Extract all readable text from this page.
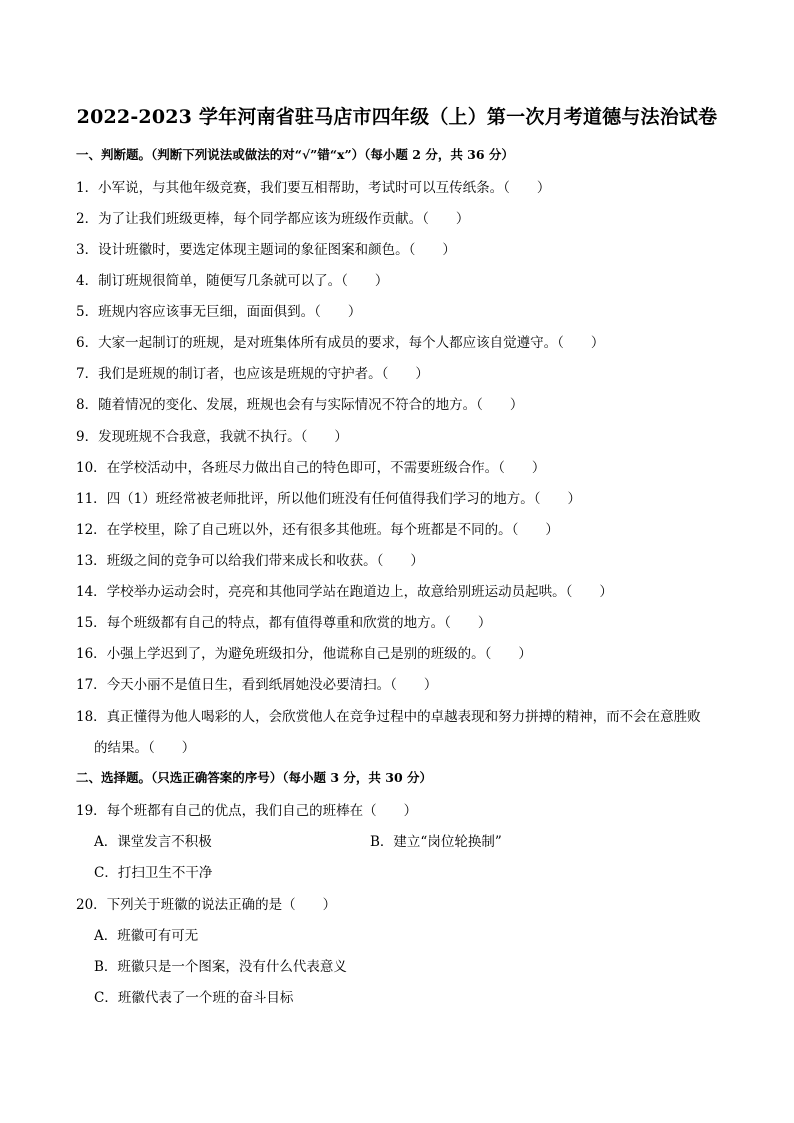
2022-2023 学年河南省驻马店市四年级（上）第一次月考道德与法治试卷
一、判断题。（判断下列说法或做法的对“√”错“x”）（每小题 2 分，共 36 分）
1．小军说，与其他年级竞赛，我们要互相帮助，考试时可以互传纸条。（　　）
2．为了让我们班级更棒，每个同学都应该为班级作贡献。（　　）
3．设计班徽时，要选定体现主题词的象征图案和颜色。（　　）
4．制订班规很简单，随便写几条就可以了。（　　）
5．班规内容应该事无巨细，面面俱到。（　　）
6．大家一起制订的班规，是对班集体所有成员的要求，每个人都应该自觉遵守。（　　）
7．我们是班规的制订者，也应该是班规的守护者。（　　）
8．随着情况的变化、发展，班规也会有与实际情况不符合的地方。（　　）
9．发现班规不合我意，我就不执行。（　　）
10．在学校活动中，各班尽力做出自己的特色即可，不需要班级合作。（　　）
11．四（1）班经常被老师批评，所以他们班没有任何值得我们学习的地方。（　　）
12．在学校里，除了自己班以外，还有很多其他班。每个班都是不同的。（　　）
13．班级之间的竞争可以给我们带来成长和收获。（　　）
14．学校举办运动会时，亮亮和其他同学站在跑道边上，故意给别班运动员起哄。（　　）
15．每个班级都有自己的特点，都有值得尊重和欣赏的地方。（　　）
16．小强上学迟到了，为避免班级扣分，他谎称自己是别的班级的。（　　）
17．今天小丽不是值日生，看到纸屑她没必要清扫。（　　）
18．真正懂得为他人喝彩的人，会欣赏他人在竞争过程中的卓越表现和努力拼搏的精神，而不会在意胜败
的结果。（　　）
二、选择题。（只选正确答案的序号）（每小题 3 分，共 30 分）
19．每个班都有自己的优点，我们自己的班棒在（　　）
A．课堂发言不积极	B．建立“岗位轮换制”
C．打扫卫生不干净
20．下列关于班徽的说法正确的是（　　）
A．班徽可有可无
B．班徽只是一个图案，没有什么代表意义
C．班徽代表了一个班的奋斗目标
